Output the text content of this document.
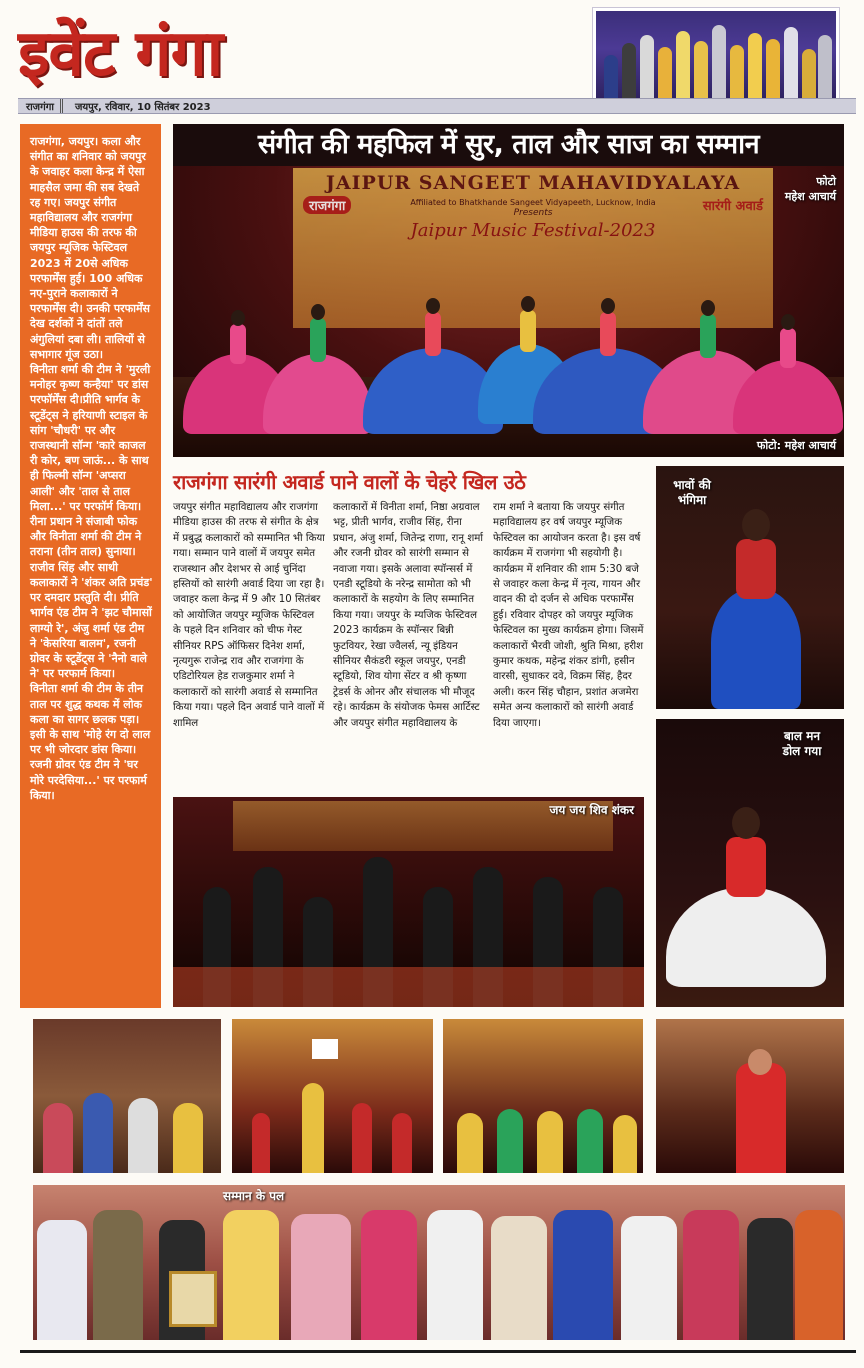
इवेंट गंगा
राजगंगा	जयपुर, रविवार, 10 सितंबर 2023

राजगंगा, जयपुर। कला और संगीत का शनिवार को जयपुर के जवाहर कला केन्द्र में ऐसा माहसैल जमा की सब देखते रह गए। जयपुर संगीत महाविद्यालय और राजगंगा मीडिया हाउस की तरफ की जयपुर म्यूजिक फेस्टिवल 2023 में 20से अधिक परफार्मेंस हुई। 100 अधिक नए-पुराने कलाकारों ने परफार्मेंस दी। उनकी परफार्मेंस देख दर्शकों ने दांतों तले अंगुलियां दबा ली। तालियों से सभागार गूंज उठा।

विनीता शर्मा की टीम ने 'मुरली मनोहर कृष्ण कन्हैया' पर डांस परफॉर्मेंस दी।प्रीति भार्गव के स्टूडेंट्स ने हरियाणी स्टाइल के सांग 'चौधरी' पर और राजस्थानी सॉन्ग 'कारे काजल री कोर, बण जाऊं... के साथ ही फिल्मी सॉन्ग 'अप्सरा आली' और 'ताल से ताल मिला...' पर परफॉर्म किया। रीना प्रधान ने संजाबी फोक और विनीता शर्मा की टीम ने तराना (तीन ताल) सुनाया। राजीव सिंह और साथी कलाकारों ने 'शंकर अति प्रचंड' पर दमदार प्रस्तुति दी। प्रीति भार्गव एंड टीम ने 'झट चौमासों लाग्यो रे', अंजु शर्मा एंड टीम ने 'केसरिया बालम', रजनी ग्रोवर के स्टूडेंट्स ने 'नैनो वाले ने' पर परफार्म किया।

विनीता शर्मा की टीम के तीन ताल पर शुद्ध कथक में लोक कला का सागर छलक पड़ा। इसी के साथ 'मोहे रंग दो लाल पर भी जोरदार डांस किया। रजनी ग्रोवर एंड टीम ने 'घर मोरे परदेसिया...' पर परफार्म किया।

संगीत की महफिल में सुर, ताल और साज का सम्मान
JAIPUR SANGEET MAHAVIDYALAYA
Affiliated to Bhatkhande Sangeet Vidyapeeth, Lucknow, India
Presents
Jaipur Music Festival-2023
राजगंगा	सारंगी अवार्ड
फोटो
महेश आचार्य
फोटो: महेश आचार्य
राजगंगा सारंगी अवार्ड पाने वालों के चेहरे खिल उठे
जयपुर संगीत महाविद्यालय और राजगंगा मीडिया हाउस की तरफ से संगीत के क्षेत्र में प्रबुद्ध कलाकारों को सम्मानित भी किया गया। सम्मान पाने वालों में जयपुर समेत राजस्थान और देशभर से आई चुनिंदा हस्तियों को सारंगी अवार्ड दिया जा रहा है। जवाहर कला केन्द्र में 9 और 10 सितंबर को आयोजित जयपुर म्यूजिक फेस्टिवल के पहले दिन शनिवार को चीफ गेस्ट सीनियर RPS ऑफिसर दिनेश शर्मा, नृत्यगुरू राजेन्द्र राव और राजगंगा के एडिटोरियल हेड राजकुमार शर्मा ने कलाकारों को सारंगी अवार्ड से सम्मानित किया गया। पहले दिन अवार्ड पाने वालों में शामिल
कलाकारों में विनीता शर्मा, निष्ठा अग्रवाल भट्ट, प्रीती भार्गव, राजीव सिंह, रीना प्रधान, अंजु शर्मा, जितेन्द्र राणा, रानू शर्मा और रजनी ग्रोवर को सारंगी सम्मान से नवाजा गया। इसके अलावा स्पॉन्सर्स में एनडी स्टूडियो के नरेन्द्र सामोता को भी कलाकारों के सहयोग के लिए सम्मानित किया गया। जयपुर के म्यजिक फेस्टिवल 2023 कार्यक्रम के स्पॉन्सर बिन्नी फुटवियर, रेखा ज्वैलर्स, न्यू इंडियन सीनियर सैकंडरी स्कूल जयपुर, एनडी स्टूडियो, शिव योगा सेंटर व श्री कृष्णा ट्रेडर्स के ओनर और संचालक भी मौजूद रहे। कार्यक्रम के संयोजक फेमस आर्टिस्ट और जयपुर संगीत महाविद्यालय के
राम शर्मा ने बताया कि जयपुर संगीत महाविद्यालय हर वर्ष जयपुर म्यूजिक फेस्टिवल का आयोजन करता है। इस वर्ष कार्यक्रम में राजगंगा भी सहयोगी है। कार्यक्रम में शनिवार की शाम 5:30 बजे से जवाहर कला केन्द्र में नृत्य, गायन और वादन की दो दर्जन से अधिक परफार्मेंस हुई। रविवार दोपहर को जयपुर म्यूजिक फेस्टिवल का मुख्य कार्यक्रम होगा। जिसमें कलाकारों भैरवी जोशी, श्रुति मिश्रा, हरीश कुमार कथक, महेन्द्र शंकर डांगी, हसीन वारसी, सुधाकर दवे, विक्रम सिंह, हैदर अली। करन सिंह चौहान, प्रशांत अजमेरा समेत अन्य कलाकारों को सारंगी अवार्ड दिया जाएगा।
भावों की
भंगिमा
बाल मन
डोल गया
जय जय शिव शंकर
सम्मान के पल
